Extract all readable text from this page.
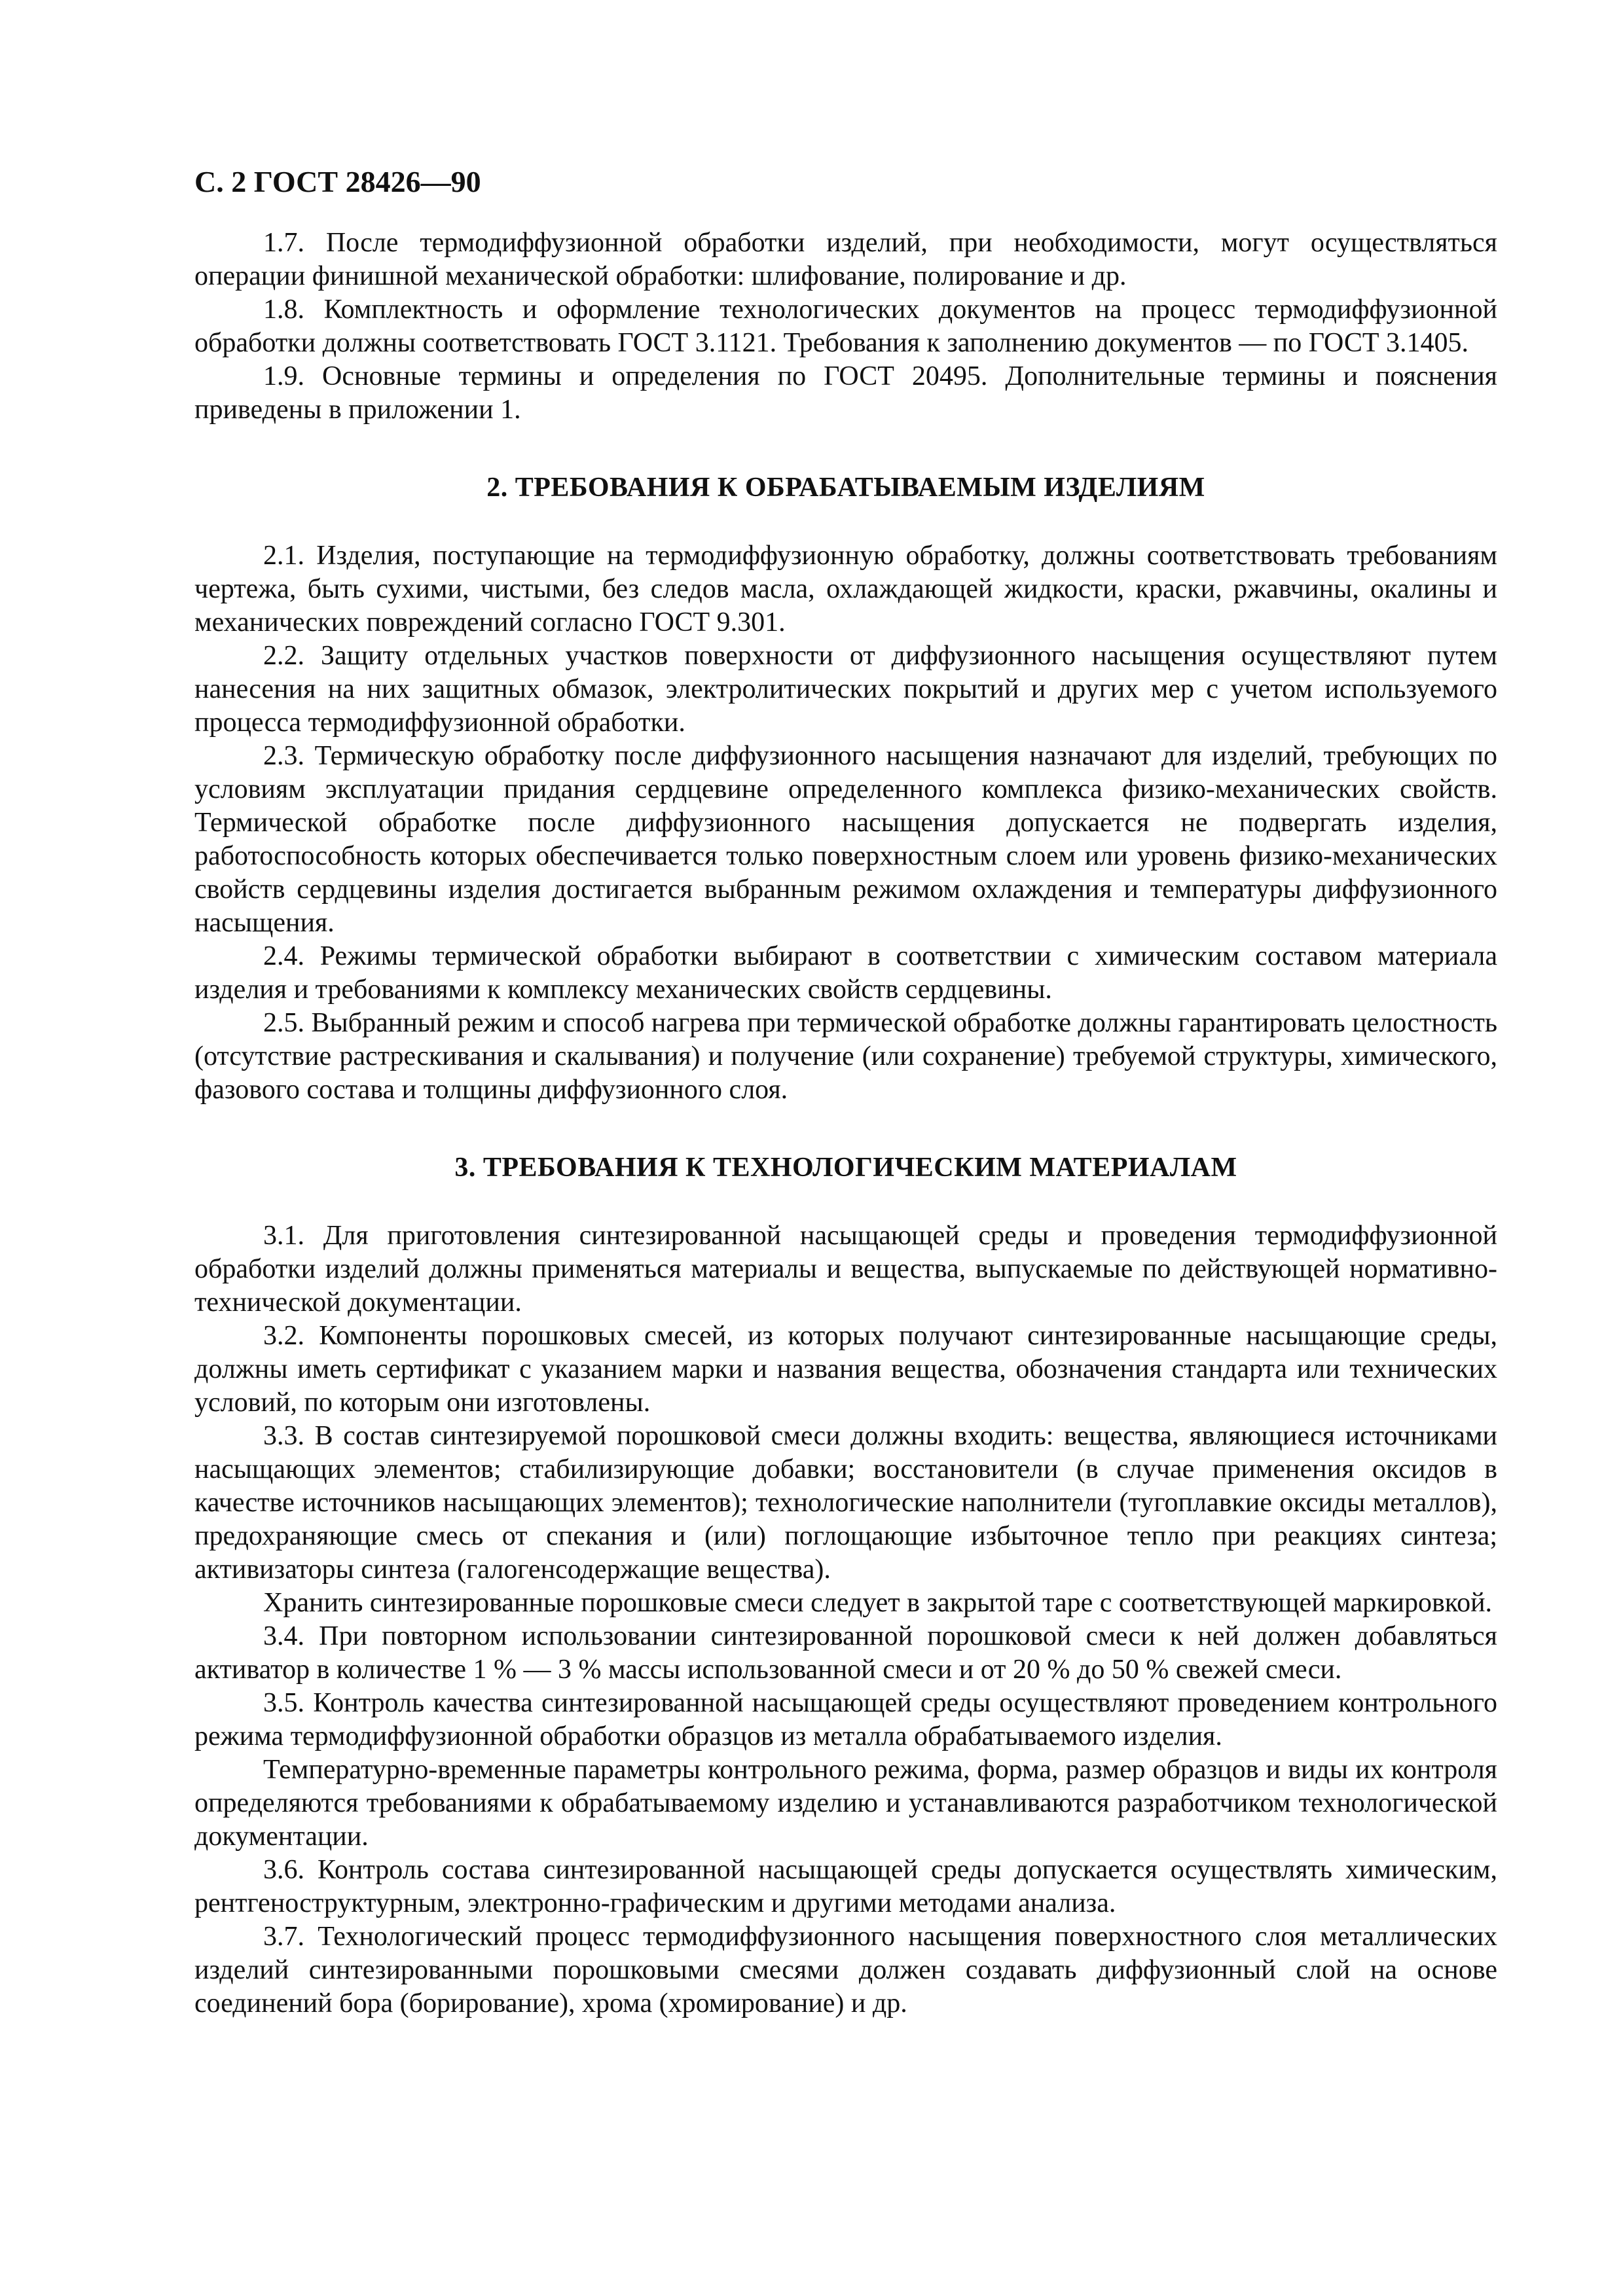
С. 2 ГОСТ 28426—90

1.7. После термодиффузионной обработки изделий, при необходимости, могут осуществляться операции финишной механической обработки: шлифование, полирование и др.

1.8. Комплектность и оформление технологических документов на процесс термодиффузионной обработки должны соответствовать ГОСТ 3.1121. Требования к заполнению документов — по ГОСТ 3.1405.

1.9. Основные термины и определения по ГОСТ 20495. Дополнительные термины и пояснения приведены в приложении 1.

2. ТРЕБОВАНИЯ К ОБРАБАТЫВАЕМЫМ ИЗДЕЛИЯМ

2.1. Изделия, поступающие на термодиффузионную обработку, должны соответствовать требованиям чертежа, быть сухими, чистыми, без следов масла, охлаждающей жидкости, краски, ржавчины, окалины и механических повреждений согласно ГОСТ 9.301.

2.2. Защиту отдельных участков поверхности от диффузионного насыщения осуществляют путем нанесения на них защитных обмазок, электролитических покрытий и других мер с учетом используемого процесса термодиффузионной обработки.

2.3. Термическую обработку после диффузионного насыщения назначают для изделий, требующих по условиям эксплуатации придания сердцевине определенного комплекса физико-механических свойств. Термической обработке после диффузионного насыщения допускается не подвергать изделия, работоспособность которых обеспечивается только поверхностным слоем или уровень физико-механических свойств сердцевины изделия достигается выбранным режимом охлаждения и температуры диффузионного насыщения.

2.4. Режимы термической обработки выбирают в соответствии с химическим составом материала изделия и требованиями к комплексу механических свойств сердцевины.

2.5. Выбранный режим и способ нагрева при термической обработке должны гарантировать целостность (отсутствие растрескивания и скалывания) и получение (или сохранение) требуемой структуры, химического, фазового состава и толщины диффузионного слоя.

3. ТРЕБОВАНИЯ К ТЕХНОЛОГИЧЕСКИМ МАТЕРИАЛАМ

3.1. Для приготовления синтезированной насыщающей среды и проведения термодиффузионной обработки изделий должны применяться материалы и вещества, выпускаемые по действующей нормативно-технической документации.

3.2. Компоненты порошковых смесей, из которых получают синтезированные насыщающие среды, должны иметь сертификат с указанием марки и названия вещества, обозначения стандарта или технических условий, по которым они изготовлены.

3.3. В состав синтезируемой порошковой смеси должны входить: вещества, являющиеся источниками насыщающих элементов; стабилизирующие добавки; восстановители (в случае применения оксидов в качестве источников насыщающих элементов); технологические наполнители (тугоплавкие оксиды металлов), предохраняющие смесь от спекания и (или) поглощающие избыточное тепло при реакциях синтеза; активизаторы синтеза (галогенсодержащие вещества).

Хранить синтезированные порошковые смеси следует в закрытой таре с соответствующей маркировкой.

3.4. При повторном использовании синтезированной порошковой смеси к ней должен добавляться активатор в количестве 1 % — 3 % массы использованной смеси и от 20 % до 50 % свежей смеси.

3.5. Контроль качества синтезированной насыщающей среды осуществляют проведением контрольного режима термодиффузионной обработки образцов из металла обрабатываемого изделия.

Температурно-временные параметры контрольного режима, форма, размер образцов и виды их контроля определяются требованиями к обрабатываемому изделию и устанавливаются разработчиком технологической документации.

3.6. Контроль состава синтезированной насыщающей среды допускается осуществлять химическим, рентгеноструктурным, электронно-графическим и другими методами анализа.

3.7. Технологический процесс термодиффузионного насыщения поверхностного слоя металлических изделий синтезированными порошковыми смесями должен создавать диффузионный слой на основе соединений бора (борирование), хрома (хромирование) и др.
